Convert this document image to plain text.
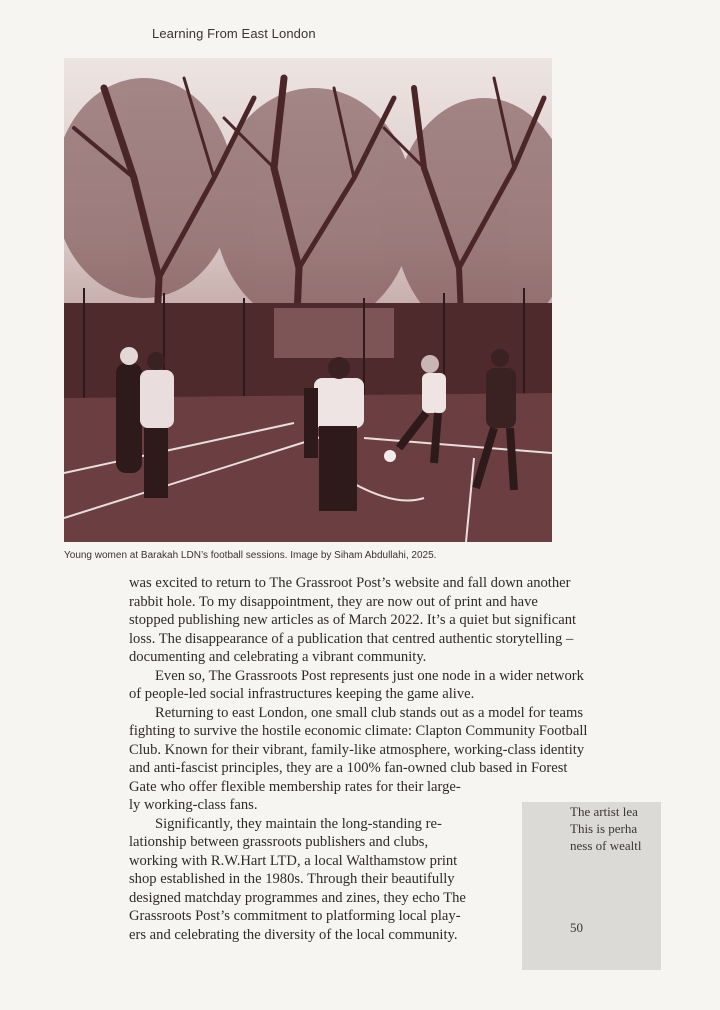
Learning From East London
Young women at Barakah LDN’s football sessions. Image by Siham Abdullahi, 2025.

was excited to return to The Grassroot Post’s website and fall down another
rabbit hole. To my disappointment, they are now out of print and have
stopped publishing new articles as of March 2022. It’s a quiet but significant
loss. The disappearance of a publication that centred authentic storytelling –
documenting and celebrating a vibrant community.

Even so, The Grassroots Post represents just one node in a wider network
of people-led social infrastructures keeping the game alive.

Returning to east London, one small club stands out as a model for teams
fighting to survive the hostile economic climate: Clapton Community Football
Club. Known for their vibrant, family-like atmosphere, working-class identity
and anti-fascist principles, they are a 100% fan-owned club based in Forest
Gate who offer flexible membership rates for their large-
ly working-class fans.

Significantly, they maintain the long-standing re-
lationship between grassroots publishers and clubs,
working with R.W.Hart LTD, a local Walthamstow print
shop established in the 1980s. Through their beautifully
designed matchday programmes and zines, they echo The
Grassroots Post’s commitment to platforming local play-
ers and celebrating the diversity of the local community.

The artist lea
This is perha
ness of wealtl
50
